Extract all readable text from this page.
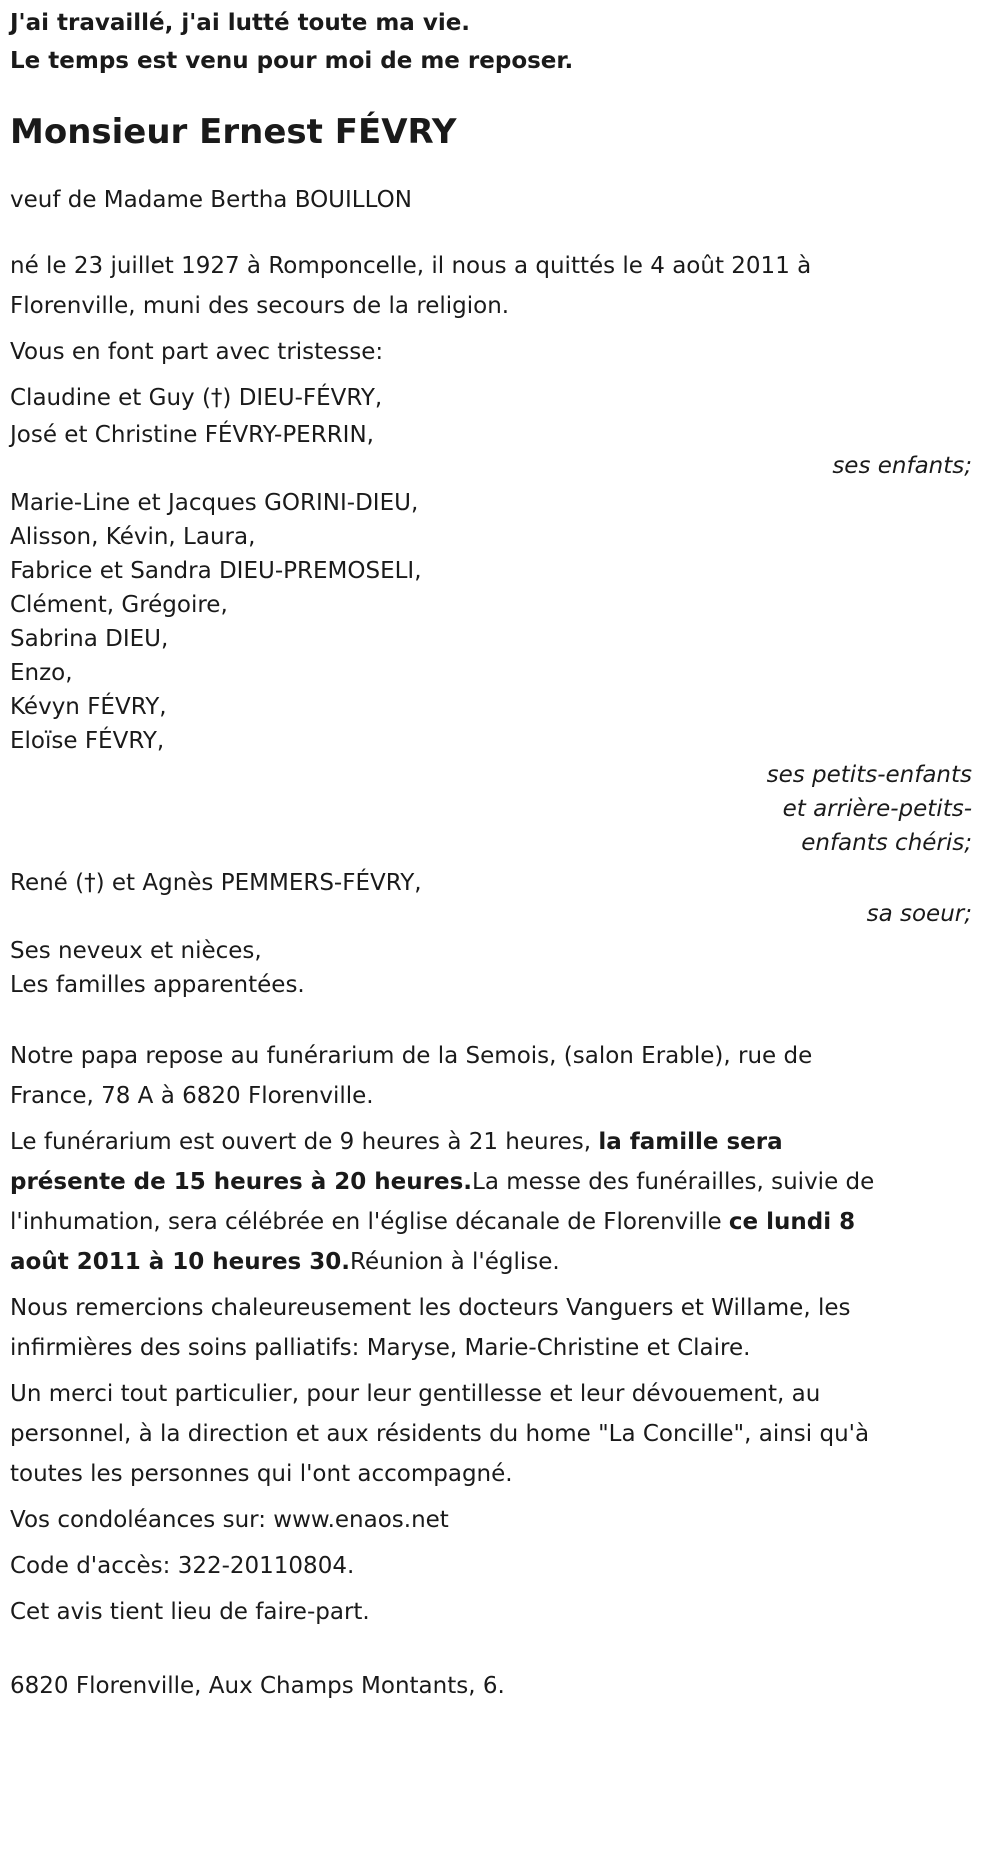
J'ai travaillé, j'ai lutté toute ma vie.
Le temps est venu pour moi de me reposer.
Monsieur Ernest FÉVRY
veuf de Madame Bertha BOUILLON
né le 23 juillet 1927 à Romponcelle, il nous a quittés le 4 août 2011 à
Florenville, muni des secours de la religion.
Vous en font part avec tristesse:
Claudine et Guy (†) DIEU-FÉVRY,
José et Christine FÉVRY-PERRIN,
ses enfants;
Marie-Line et Jacques GORINI-DIEU,
Alisson, Kévin, Laura,
Fabrice et Sandra DIEU-PREMOSELI,
Clément, Grégoire,
Sabrina DIEU,
Enzo,
Kévyn FÉVRY,
Eloïse FÉVRY,
ses petits-enfants
et arrière-petits-
enfants chéris;
René (†) et Agnès PEMMERS-FÉVRY,
sa soeur;
Ses neveux et nièces,
Les familles apparentées.
Notre papa repose au funérarium de la Semois, (salon Erable), rue de
France, 78 A à 6820 Florenville.
Le funérarium est ouvert de 9 heures à 21 heures, la famille sera
présente de 15 heures à 20 heures.La messe des funérailles, suivie de
l'inhumation, sera célébrée en l'église décanale de Florenville ce lundi 8
août 2011 à 10 heures 30.Réunion à l'église.
Nous remercions chaleureusement les docteurs Vanguers et Willame, les
infirmières des soins palliatifs: Maryse, Marie-Christine et Claire.
Un merci tout particulier, pour leur gentillesse et leur dévouement, au
personnel, à la direction et aux résidents du home "La Concille", ainsi qu'à
toutes les personnes qui l'ont accompagné.
Vos condoléances sur: www.enaos.net
Code d'accès: 322-20110804.
Cet avis tient lieu de faire-part.
6820 Florenville, Aux Champs Montants, 6.
